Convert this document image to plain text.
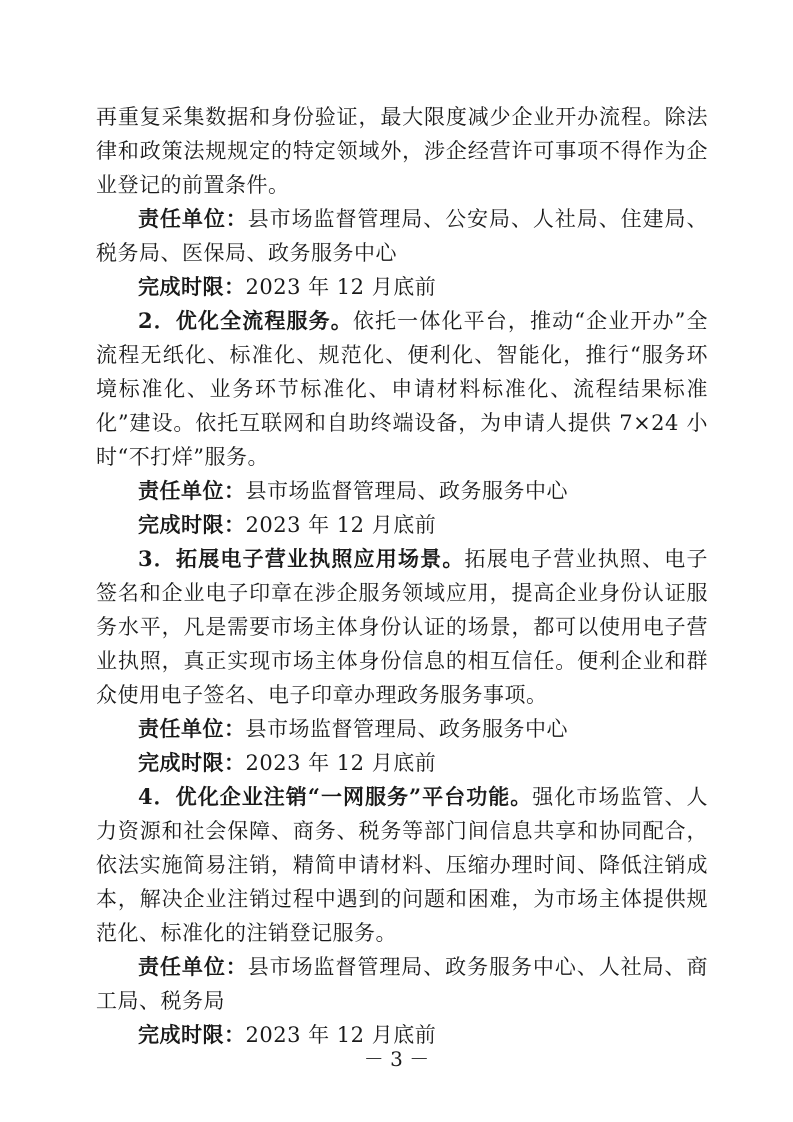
再重复采集数据和身份验证，最大限度减少企业开办流程。除法律和政策法规规定的特定领域外，涉企经营许可事项不得作为企业登记的前置条件。

责任单位：县市场监督管理局、公安局、人社局、住建局、税务局、医保局、政务服务中心

完成时限：2023 年 12 月底前

2．优化全流程服务。依托一体化平台，推动“企业开办”全流程无纸化、标准化、规范化、便利化、智能化，推行“服务环境标准化、业务环节标准化、申请材料标准化、流程结果标准化”建设。依托互联网和自助终端设备，为申请人提供 7×24 小时“不打烊”服务。

责任单位：县市场监督管理局、政务服务中心

完成时限：2023 年 12 月底前

3．拓展电子营业执照应用场景。拓展电子营业执照、电子签名和企业电子印章在涉企服务领域应用，提高企业身份认证服务水平，凡是需要市场主体身份认证的场景，都可以使用电子营业执照，真正实现市场主体身份信息的相互信任。便利企业和群众使用电子签名、电子印章办理政务服务事项。

责任单位：县市场监督管理局、政务服务中心

完成时限：2023 年 12 月底前

4．优化企业注销“一网服务”平台功能。强化市场监管、人力资源和社会保障、商务、税务等部门间信息共享和协同配合，依法实施简易注销，精简申请材料、压缩办理时间、降低注销成本，解决企业注销过程中遇到的问题和困难，为市场主体提供规范化、标准化的注销登记服务。

责任单位：县市场监督管理局、政务服务中心、人社局、商工局、税务局

完成时限：2023 年 12 月底前

－ 3 －
